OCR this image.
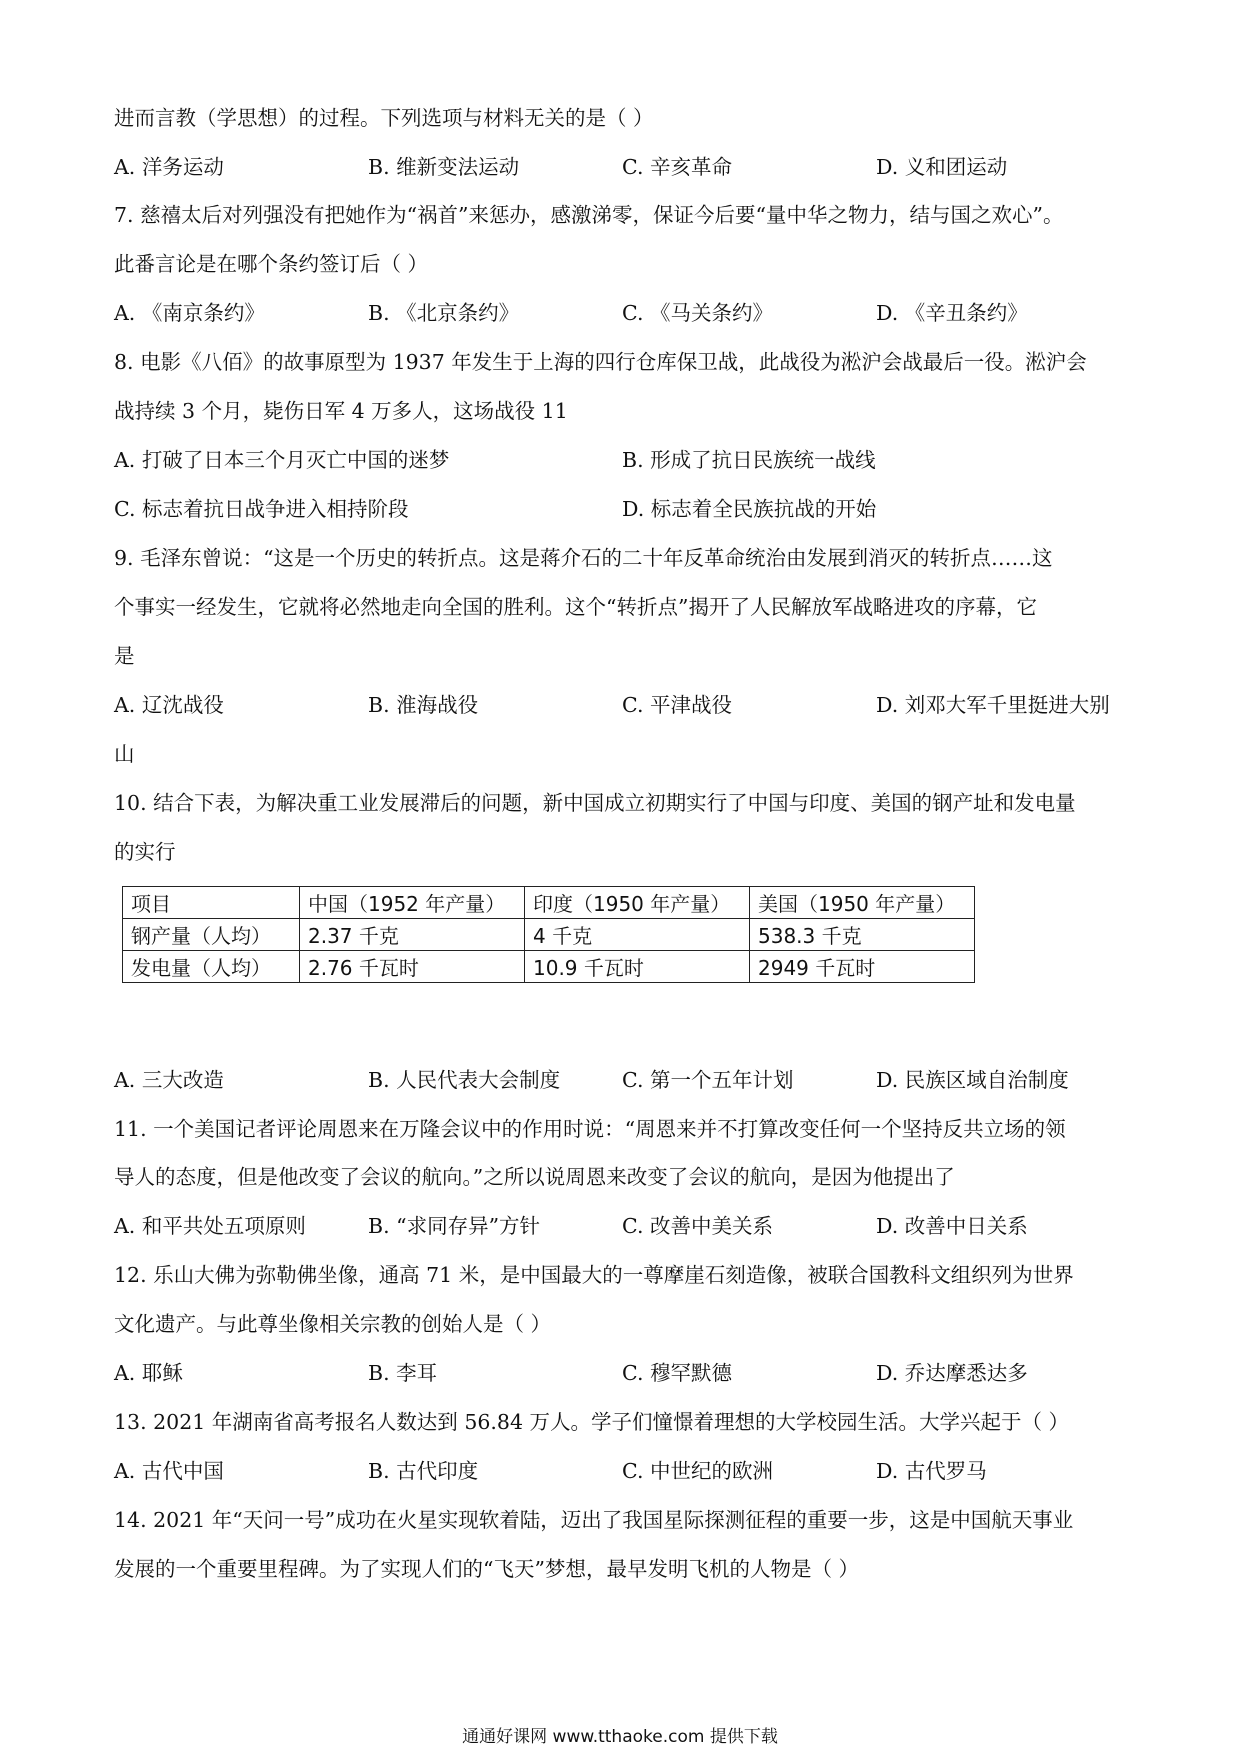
进而言教（学思想）的过程。下列选项与材料无关的是（ ）
A. 洋务运动	B. 维新变法运动	C. 辛亥革命	D. 义和团运动
7. 慈禧太后对列强没有把她作为“祸首”来惩办，感激涕零，保证今后要“量中华之物力，结与国之欢心”。
此番言论是在哪个条约签订后（ ）
A. 《南京条约》	B. 《北京条约》	C. 《马关条约》	D. 《辛丑条约》
8. 电影《八佰》的故事原型为 1937 年发生于上海的四行仓库保卫战，此战役为淞沪会战最后一役。淞沪会
战持续 3 个月，毙伤日军 4 万多人，这场战役 11
A. 打破了日本三个月灭亡中国的迷梦	B. 形成了抗日民族统一战线
C. 标志着抗日战争进入相持阶段	D. 标志着全民族抗战的开始
9. 毛泽东曾说：“这是一个历史的转折点。这是蒋介石的二十年反革命统治由发展到消灭的转折点……这
个事实一经发生，它就将必然地走向全国的胜利。这个“转折点”揭开了人民解放军战略进攻的序幕，它
是
A. 辽沈战役	B. 淮海战役	C. 平津战役	D. 刘邓大军千里挺进大别
山
10. 结合下表，为解决重工业发展滞后的问题，新中国成立初期实行了中国与印度、美国的钢产址和发电量
的实行
项目	中国（1952 年产量）	印度（1950 年产量）	美国（1950 年产量）
钢产量（人均）	2.37 千克	4 千克	538.3 千克
发电量（人均）	2.76 千瓦时	10.9 千瓦时	2949 千瓦时
A. 三大改造	B. 人民代表大会制度	C. 第一个五年计划	D. 民族区域自治制度
11. 一个美国记者评论周恩来在万隆会议中的作用时说：“周恩来并不打算改变任何一个坚持反共立场的领
导人的态度，但是他改变了会议的航向。”之所以说周恩来改变了会议的航向，是因为他提出了
A. 和平共处五项原则	B. “求同存异”方针	C. 改善中美关系	D. 改善中日关系
12. 乐山大佛为弥勒佛坐像，通高 71 米，是中国最大的一尊摩崖石刻造像，被联合国教科文组织列为世界
文化遗产。与此尊坐像相关宗教的创始人是（ ）
A. 耶稣	B. 李耳	C. 穆罕默德	D. 乔达摩悉达多
13. 2021 年湖南省高考报名人数达到 56.84 万人。学子们憧憬着理想的大学校园生活。大学兴起于（ ）
A. 古代中国	B. 古代印度	C. 中世纪的欧洲	D. 古代罗马
14. 2021 年“天问一号”成功在火星实现软着陆，迈出了我国星际探测征程的重要一步，这是中国航天事业
发展的一个重要里程碑。为了实现人们的“飞天”梦想，最早发明飞机的人物是（ ）
通通好课网 www.tthaoke.com 提供下载
